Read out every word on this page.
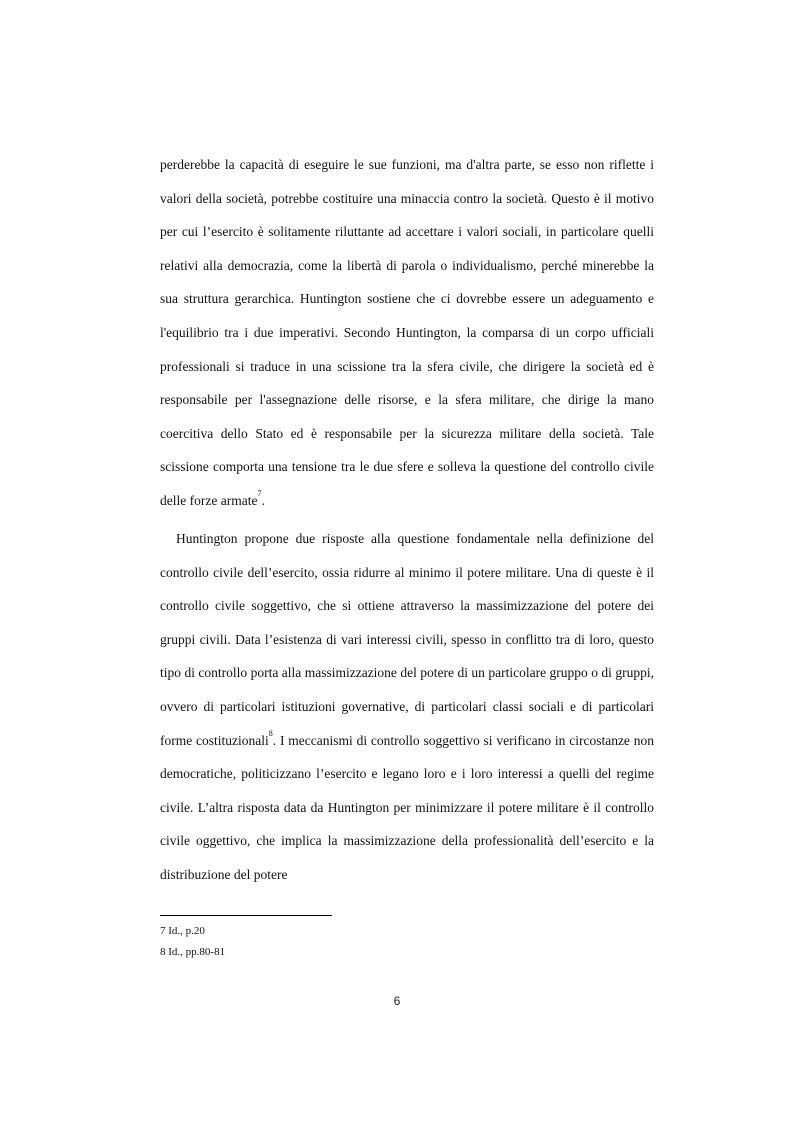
perderebbe la capacità di eseguire le sue funzioni, ma d'altra parte, se esso non riflette i valori della società, potrebbe costituire una minaccia contro la società. Questo è il motivo per cui l’esercito è solitamente riluttante ad accettare i valori sociali, in particolare quelli relativi alla democrazia, come la libertà di parola o individualismo, perché minerebbe la sua struttura gerarchica. Huntington sostiene che ci dovrebbe essere un adeguamento e l'equilibrio tra i due imperativi. Secondo Huntington, la comparsa di un corpo ufficiali professionali si traduce in una scissione tra la sfera civile, che dirigere la società ed è responsabile per l'assegnazione delle risorse, e la sfera militare, che dirige la mano coercitiva dello Stato ed è responsabile per la sicurezza militare della società. Tale scissione comporta una tensione tra le due sfere e solleva la questione del controllo civile delle forze armate$^7$.

Huntington propone due risposte alla questione fondamentale nella definizione del controllo civile dell’esercito, ossia ridurre al minimo il potere militare. Una di queste è il controllo civile soggettivo, che si ottiene attraverso la massimizzazione del potere dei gruppi civili. Data l’esistenza di vari interessi civili, spesso in conflitto tra di loro, questo tipo di controllo porta alla massimizzazione del potere di un particolare gruppo o di gruppi, ovvero di particolari istituzioni governative, di particolari classi sociali e di particolari forme costituzionali$^8$. I meccanismi di controllo soggettivo si verificano in circostanze non democratiche, politicizzano l’esercito e legano loro e i loro interessi a quelli del regime civile. L’altra risposta data da Huntington per minimizzare il potere militare è il controllo civile oggettivo, che implica la massimizzazione della professionalità dell’esercito e la distribuzione del potere

7 Id., p.20
8 Id., pp.80-81
6
